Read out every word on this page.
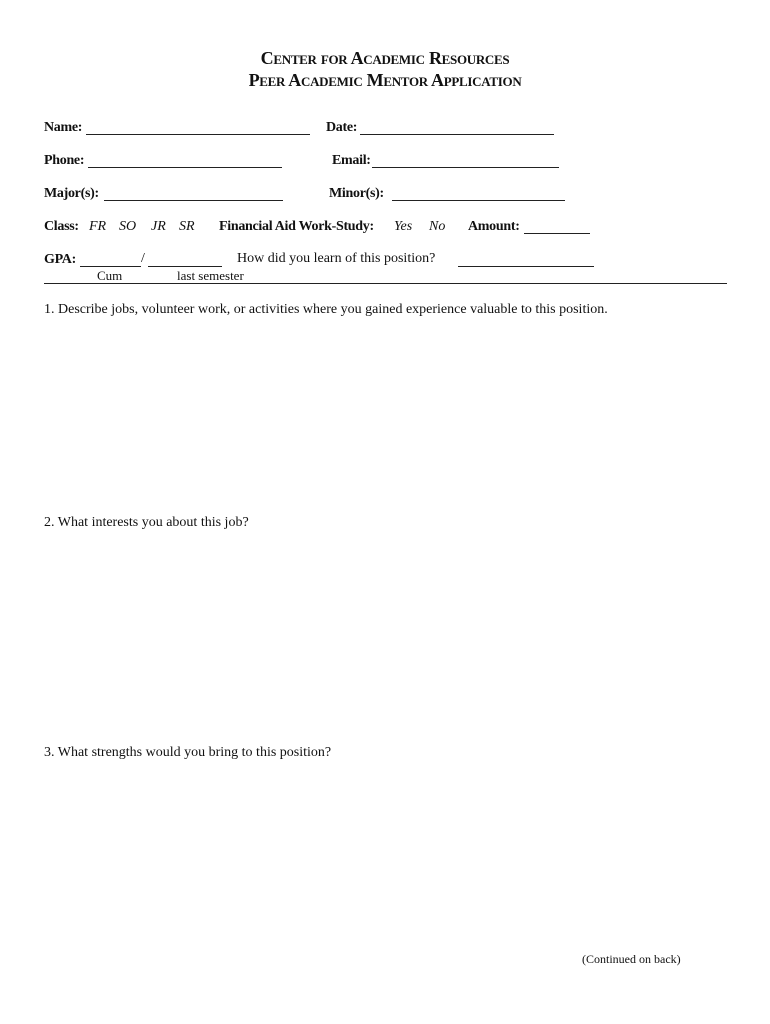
Center for Academic Resources
Peer Academic Mentor Application
Name:	Date:
Phone:	Email:
Major(s):	Minor(s):
Class: FR SO JR SR Financial Aid Work-Study: Yes No Amount:
GPA:	/
Cum	last semester
How did you learn of this position?
1. Describe jobs, volunteer work, or activities where you gained experience valuable to this position.
2. What interests you about this job?
3. What strengths would you bring to this position?
(Continued on back)
